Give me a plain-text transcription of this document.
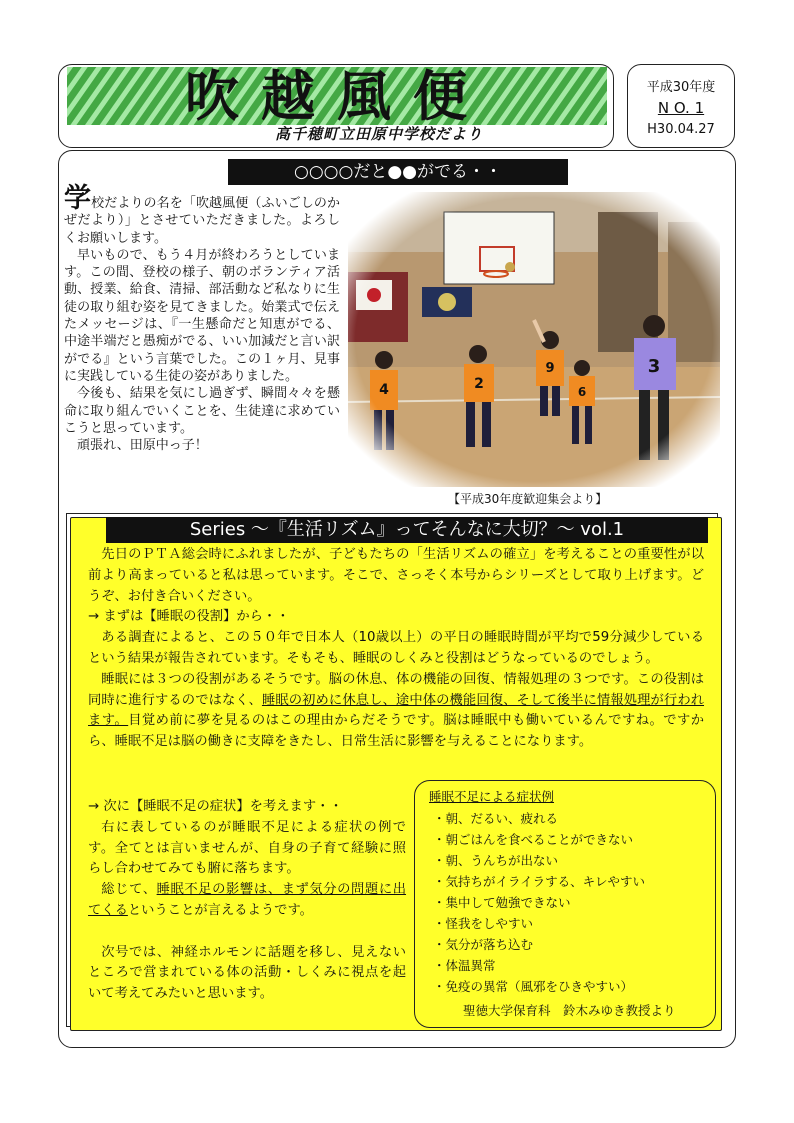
吹越風便
高千穂町立田原中学校だより
平成30年度
N O. 1
H30.04.27
○○○○だと●●がでる・・

学校だよりの名を「吹越風便（ふいごしのかぜだより）」とさせていただきました。よろしくお願いします。

早いもので、もう４月が終わろうとしています。この間、登校の様子、朝のボランティア活動、授業、給食、清掃、部活動など私なりに生徒の取り組む姿を見てきました。始業式で伝えたメッセージは、『一生懸命だと知恵がでる、中途半端だと愚痴がでる、いい加減だと言い訳がでる』という言葉でした。この１ヶ月、見事に実践している生徒の姿がありました。

今後も、結果を気にし過ぎず、瞬間々々を懸命に取り組んでいくことを、生徒達に求めていこうと思っています。

頑張れ、田原中っ子！

【平成30年度歓迎集会より】
Series ～『生活リズム』ってそんなに大切？～ vol.1

先日のＰＴＡ総会時にふれましたが、子どもたちの「生活リズムの確立」を考えることの重要性が以前より高まっていると私は思っています。そこで、さっそく本号からシリーズとして取り上げます。どうぞ、お付き合いください。

→ まずは【睡眠の役割】から・・

ある調査によると、この５０年で日本人（10歳以上）の平日の睡眠時間が平均で59分減少しているという結果が報告されています。そもそも、睡眠のしくみと役割はどうなっているのでしょう。

睡眠には３つの役割があるそうです。脳の休息、体の機能の回復、情報処理の３つです。この役割は同時に進行するのではなく、睡眠の初めに休息し、途中体の機能回復、そして後半に情報処理が行われます。目覚め前に夢を見るのはこの理由からだそうです。脳は睡眠中も働いているんですね。ですから、睡眠不足は脳の働きに支障をきたし、日常生活に影響を与えることになります。

→ 次に【睡眠不足の症状】を考えます・・

右に表しているのが睡眠不足による症状の例です。全てとは言いませんが、自身の子育て経験に照らし合わせてみても腑に落ちます。

総じて、睡眠不足の影響は、まず気分の問題に出てくるということが言えるようです。

次号では、神経ホルモンに話題を移し、見えないところで営まれている体の活動・しくみに視点を起いて考えてみたいと思います。

睡眠不足による症状例
・朝、だるい、疲れる
・朝ごはんを食べることができない
・朝、うんちが出ない
・気持ちがイライラする、キレやすい
・集中して勉強できない
・怪我をしやすい
・気分が落ち込む
・体温異常
・免疫の異常（風邪をひきやすい）
聖徳大学保育科　鈴木みゆき教授より
